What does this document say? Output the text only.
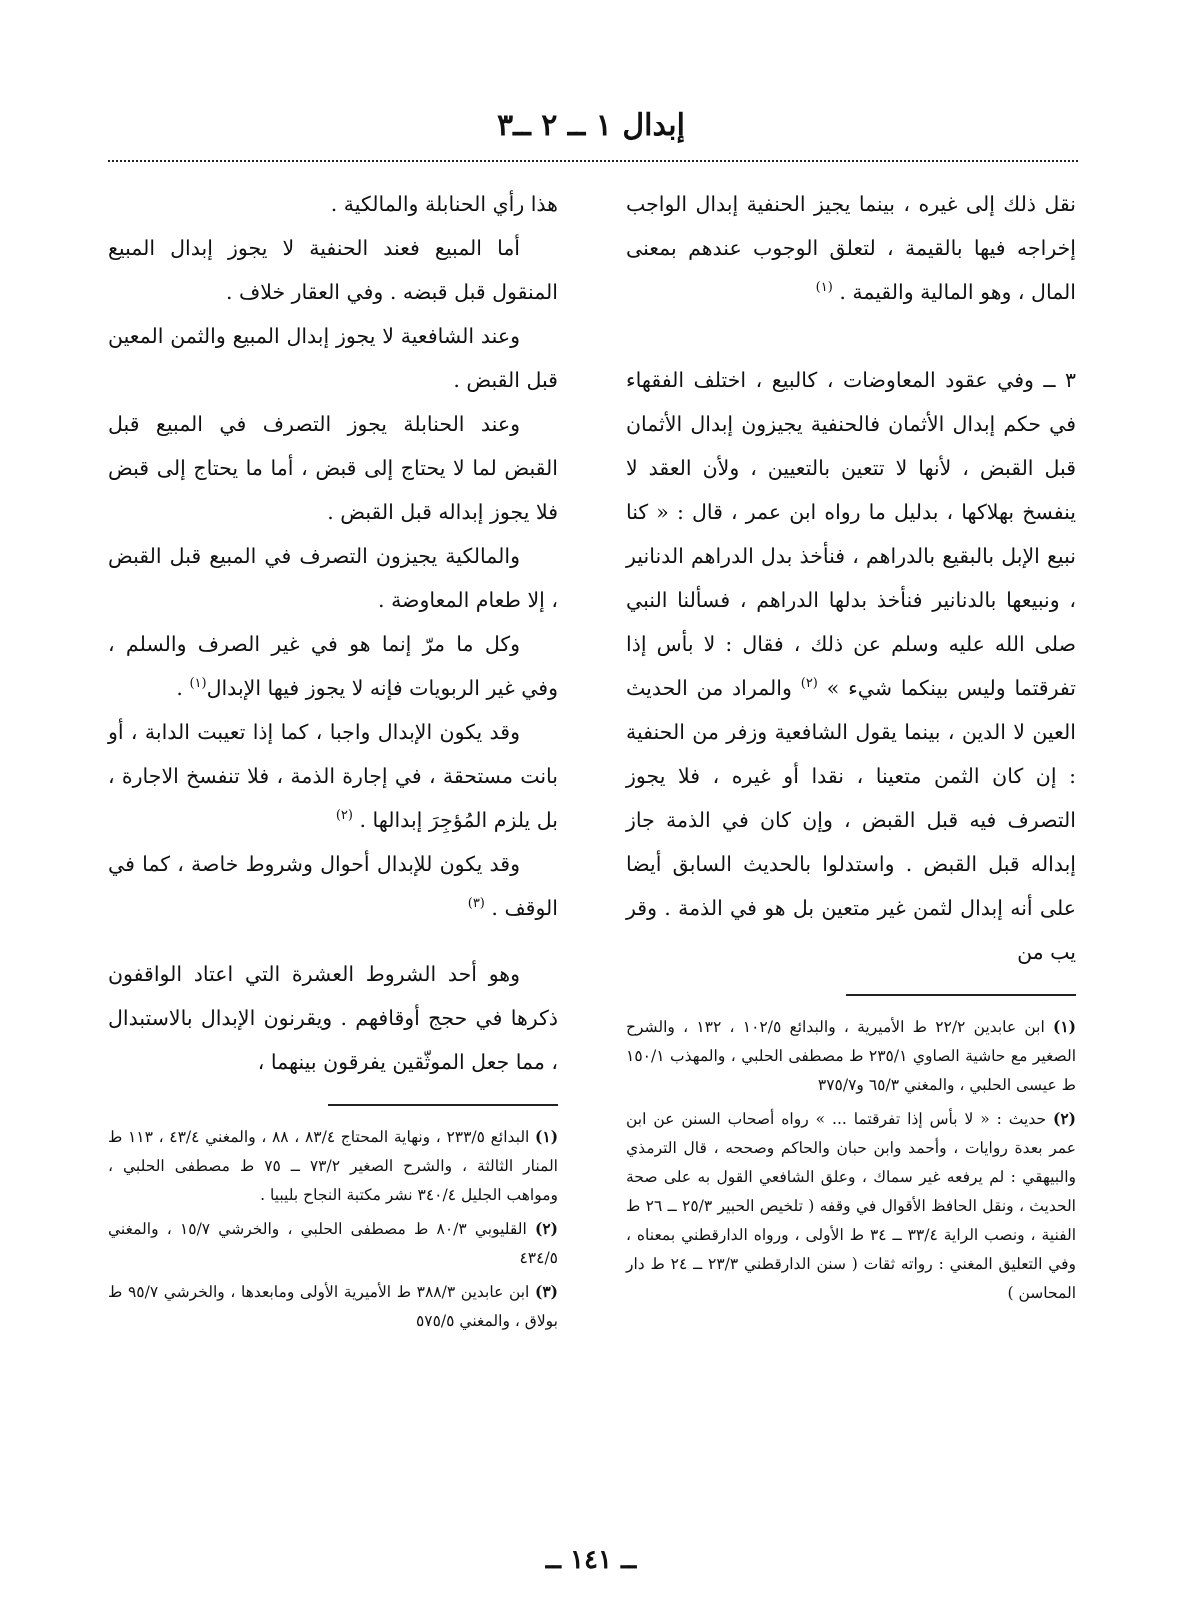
إبدال ١ ــ ٢ ــ٣

نقل ذلك إلى غيره ، بينما يجيز الحنفية إبدال الواجب إخراجه فيها بالقيمة ، لتعلق الوجوب عندهم بمعنى المال ، وهو المالية والقيمة . $^{(١)}$

٣ ــ وفي عقود المعاوضات ، كالبيع ، اختلف الفقهاء في حكم إبدال الأثمان فالحنفية يجيزون إبدال الأثمان قبل القبض ، لأنها لا تتعين بالتعيين ، ولأن العقد لا ينفسخ بهلاكها ، بدليل ما رواه ابن عمر ، قال : « كنا نبيع الإبل بالبقيع بالدراهم ، فنأخذ بدل الدراهم الدنانير ، ونبيعها بالدنانير فنأخذ بدلها الدراهم ، فسألنا النبي صلى الله عليه وسلم عن ذلك ، فقال : لا بأس إذا تفرقتما وليس بينكما شيء » $^{(٢)}$ والمراد من الحديث العين لا الدين ، بينما يقول الشافعية وزفر من الحنفية : إن كان الثمن متعينا ، نقدا أو غيره ، فلا يجوز التصرف فيه قبل القبض ، وإن كان في الذمة جاز إبداله قبل القبض . واستدلوا بالحديث السابق أيضا على أنه إبدال لثمن غير متعين بل هو في الذمة . وقر يب من

(١) ابن عابدين ٢٢/٢ ط الأميرية ، والبدائع ١٠٢/٥ ، ١٣٢ ، والشرح الصغير مع حاشية الصاوي ٢٣٥/١ ط مصطفى الحلبي ، والمهذب ١٥٠/١ ط عيسى الحلبي ، والمغني ٦٥/٣ و٣٧٥/٧

(٢) حديث : « لا بأس إذا تفرقتما ... » رواه أصحاب السنن عن ابن عمر بعدة روايات ، وأحمد وابن حبان والحاكم وصححه ، قال الترمذي والبيهقي : لم يرفعه غير سماك ، وعلق الشافعي القول به على صحة الحديث ، ونقل الحافظ الأقوال في وقفه ( تلخيص الحبير ٢٥/٣ ــ ٢٦ ط الفنية ، ونصب الراية ٣٣/٤ ــ ٣٤ ط الأولى ، ورواه الدارقطني بمعناه ، وفي التعليق المغني : رواته ثقات ( سنن الدارقطني ٢٣/٣ ــ ٢٤ ط دار المحاسن )

هذا رأي الحنابلة والمالكية .

أما المبيع فعند الحنفية لا يجوز إبدال المبيع المنقول قبل قبضه . وفي العقار خلاف .

وعند الشافعية لا يجوز إبدال المبيع والثمن المعين قبل القبض .

وعند الحنابلة يجوز التصرف في المبيع قبل القبض لما لا يحتاج إلى قبض ، أما ما يحتاج إلى قبض فلا يجوز إبداله قبل القبض .

والمالكية يجيزون التصرف في المبيع قبل القبض ، إلا طعام المعاوضة .

وكل ما مرّ إنما هو في غير الصرف والسلم ، وفي غير الربويات فإنه لا يجوز فيها الإبدال$^{(١)}$ .

وقد يكون الإبدال واجبا ، كما إذا تعيبت الدابة ، أو بانت مستحقة ، في إجارة الذمة ، فلا تنفسخ الاجارة ، بل يلزم المُؤجِرَ إبدالها . $^{(٢)}$

وقد يكون للإبدال أحوال وشروط خاصة ، كما في الوقف . $^{(٣)}$

وهو أحد الشروط العشرة التي اعتاد الواقفون ذكرها في حجج أوقافهم . ويقرنون الإبدال بالاستبدال ، مما جعل الموثّقين يفرقون بينهما ،

(١) البدائع ٢٣٣/٥ ، ونهاية المحتاج ٨٣/٤ ، ٨٨ ، والمغني ٤٣/٤ ، ١١٣ ط المنار الثالثة ، والشرح الصغير ٧٣/٢ ــ ٧٥ ط مصطفى الحلبي ، ومواهب الجليل ٣٤٠/٤ نشر مكتبة النجاح بليبيا .

(٢) القليوبي ٨٠/٣ ط مصطفى الحلبي ، والخرشي ١٥/٧ ، والمغني ٤٣٤/٥

(٣) ابن عابدين ٣٨٨/٣ ط الأميرية الأولى ومابعدها ، والخرشي ٩٥/٧ ط بولاق ، والمغني ٥٧٥/٥

ــ ١٤١ ــ
